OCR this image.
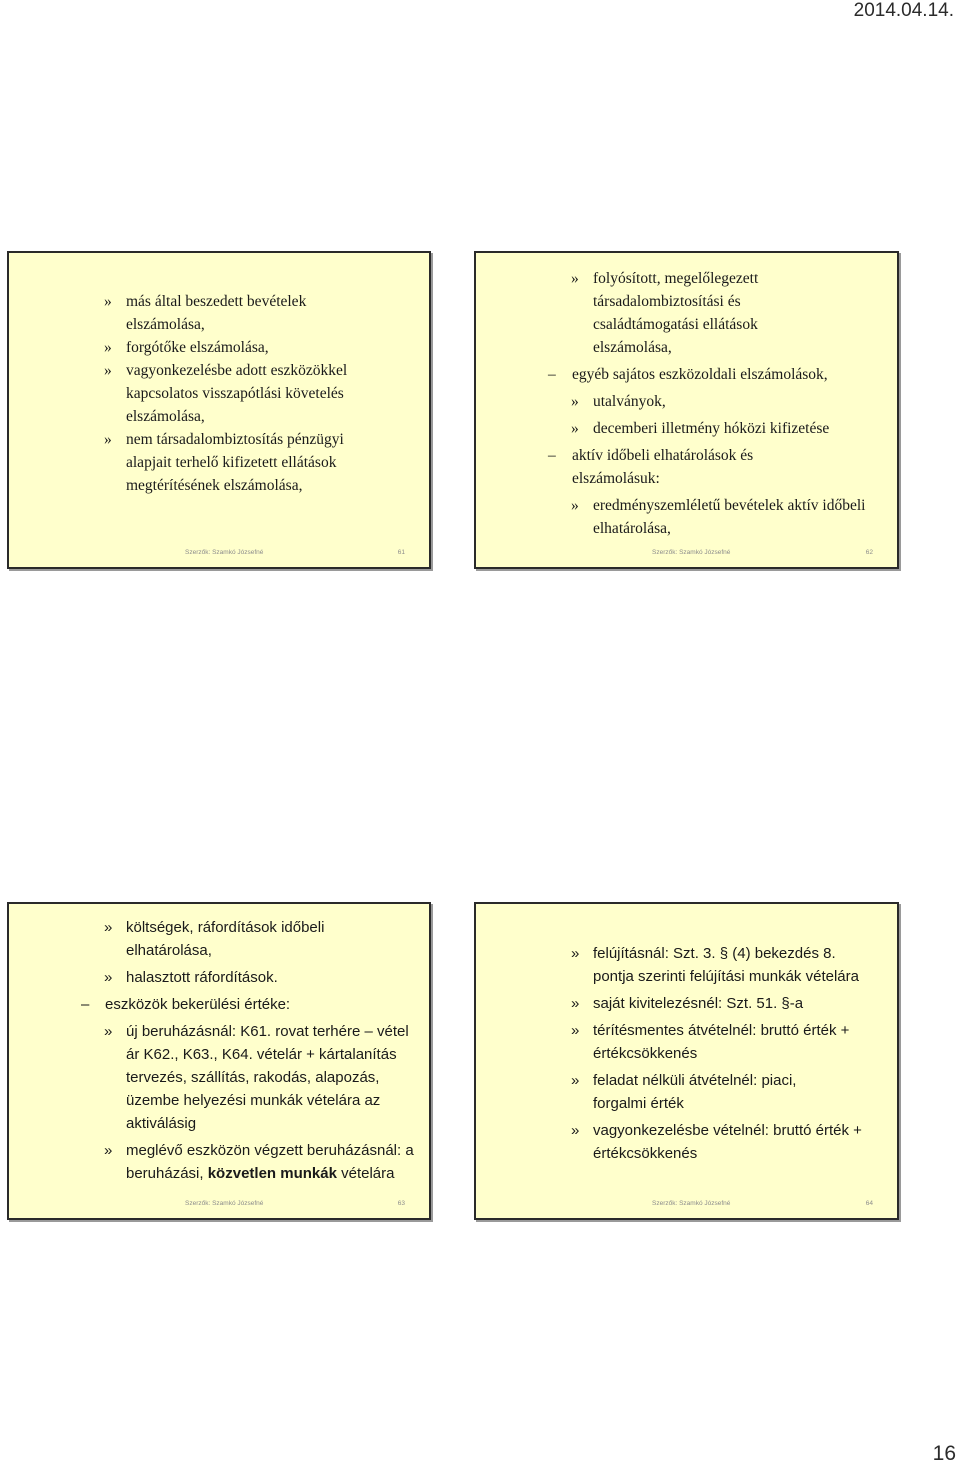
2014.04.14.

» más által beszedett bevételek elszámolása,

» forgótőke elszámolása,

» vagyonkezelésbe adott eszközökkel kapcsolatos visszapótlási követelés elszámolása,

» nem társadalombiztosítás pénzügyi alapjait terhelő kifizetett ellátások megtérítésének elszámolása,

Szerzők: Szamkó Józsefné	61

» folyósított, megelőlegezett társadalombiztosítási és családtámogatási ellátások elszámolása,

– egyéb sajátos eszközoldali elszámolások,

» utalványok,

» decemberi illetmény hóközi kifizetése

– aktív időbeli elhatárolások és elszámolásuk:

» eredményszemléletű bevételek aktív időbeli elhatárolása,

Szerzők: Szamkó Józsefné	62

» költségek, ráfordítások időbeli elhatárolása,

» halasztott ráfordítások.

– eszközök bekerülési értéke:

» új beruházásnál: K61. rovat terhére – vétel ár K62., K63., K64. vételár + kártalanítás tervezés, szállítás, rakodás, alapozás, üzembe helyezési munkák vételára az aktiválásig

» meglévő eszközön végzett beruházásnál: a beruházási, közvetlen munkák vételára

Szerzők: Szamkó Józsefné	63

» felújításnál: Szt. 3. § (4) bekezdés 8. pontja szerinti felújítási munkák vételára

» saját kivitelezésnél: Szt. 51. §-a

» térítésmentes átvételnél: bruttó érték + értékcsökkenés

» feladat nélküli átvételnél: piaci, forgalmi érték

» vagyonkezelésbe vételnél: bruttó érték + értékcsökkenés

Szerzők: Szamkó Józsefné	64
16
